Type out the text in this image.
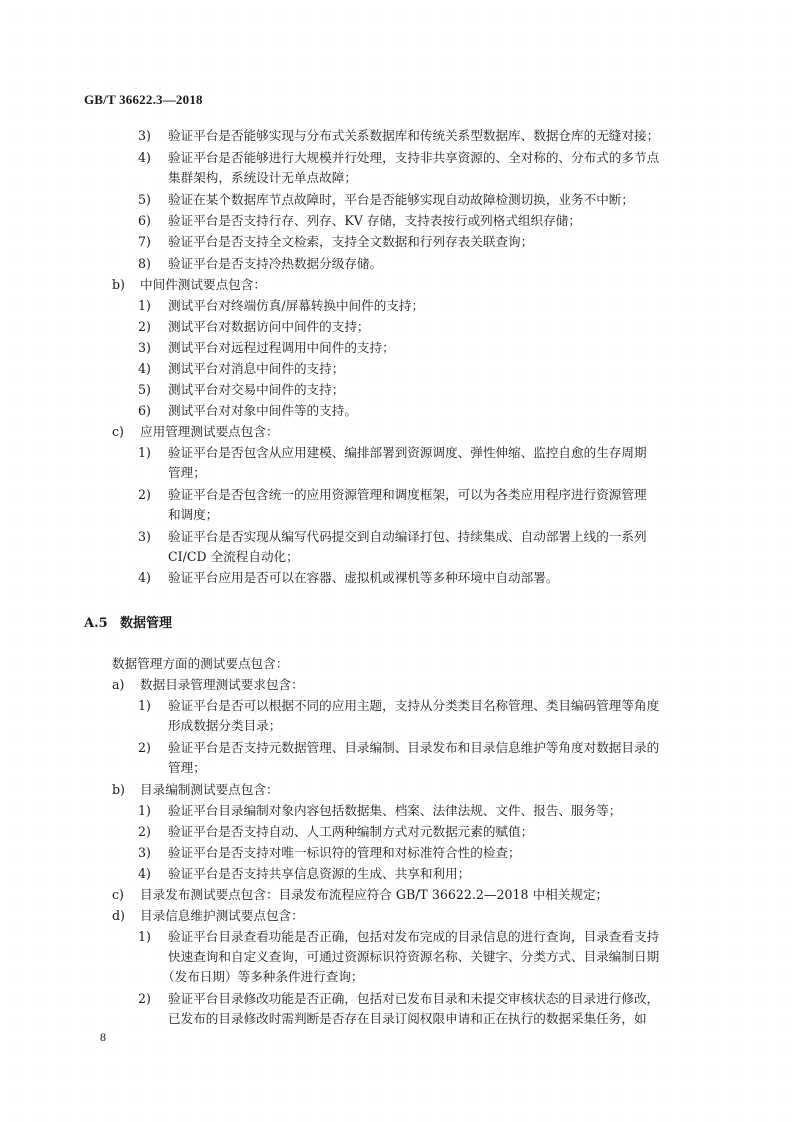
GB/T 36622.3—2018
3) 验证平台是否能够实现与分布式关系数据库和传统关系型数据库、数据仓库的无缝对接；
4) 验证平台是否能够进行大规模并行处理，支持非共享资源的、全对称的、分布式的多节点
集群架构，系统设计无单点故障；
5) 验证在某个数据库节点故障时，平台是否能够实现自动故障检测切换，业务不中断；
6) 验证平台是否支持行存、列存、KV 存储，支持表按行或列格式组织存储；
7) 验证平台是否支持全文检索，支持全文数据和行列存表关联查询；
8) 验证平台是否支持冷热数据分级存储。
b) 中间件测试要点包含：
1) 测试平台对终端仿真/屏幕转换中间件的支持；
2) 测试平台对数据访问中间件的支持；
3) 测试平台对远程过程调用中间件的支持；
4) 测试平台对消息中间件的支持；
5) 测试平台对交易中间件的支持；
6) 测试平台对对象中间件等的支持。
c) 应用管理测试要点包含：
1) 验证平台是否包含从应用建模、编排部署到资源调度、弹性伸缩、监控自愈的生存周期
管理；
2) 验证平台是否包含统一的应用资源管理和调度框架，可以为各类应用程序进行资源管理
和调度；
3) 验证平台是否实现从编写代码提交到自动编译打包、持续集成、自动部署上线的一系列
CI/CD 全流程自动化；
4) 验证平台应用是否可以在容器、虚拟机或裸机等多种环境中自动部署。
A.5 数据管理
数据管理方面的测试要点包含：
a) 数据目录管理测试要求包含：
1) 验证平台是否可以根据不同的应用主题，支持从分类类目名称管理、类目编码管理等角度
形成数据分类目录；
2) 验证平台是否支持元数据管理、目录编制、目录发布和目录信息维护等角度对数据目录的
管理；
b) 目录编制测试要点包含：
1) 验证平台目录编制对象内容包括数据集、档案、法律法规、文件、报告、服务等；
2) 验证平台是否支持自动、人工两种编制方式对元数据元素的赋值；
3) 验证平台是否支持对唯一标识符的管理和对标准符合性的检查；
4) 验证平台是否支持共享信息资源的生成、共享和利用；
c) 目录发布测试要点包含：目录发布流程应符合 GB/T 36622.2—2018 中相关规定；
d) 目录信息维护测试要点包含：
1) 验证平台目录查看功能是否正确，包括对发布完成的目录信息的进行查询，目录查看支持
快速查询和自定义查询，可通过资源标识符资源名称、关键字、分类方式、目录编制日期
（发布日期）等多种条件进行查询；
2) 验证平台目录修改功能是否正确，包括对已发布目录和未提交审核状态的目录进行修改，
已发布的目录修改时需判断是否存在目录订阅权限申请和正在执行的数据采集任务，如
8
